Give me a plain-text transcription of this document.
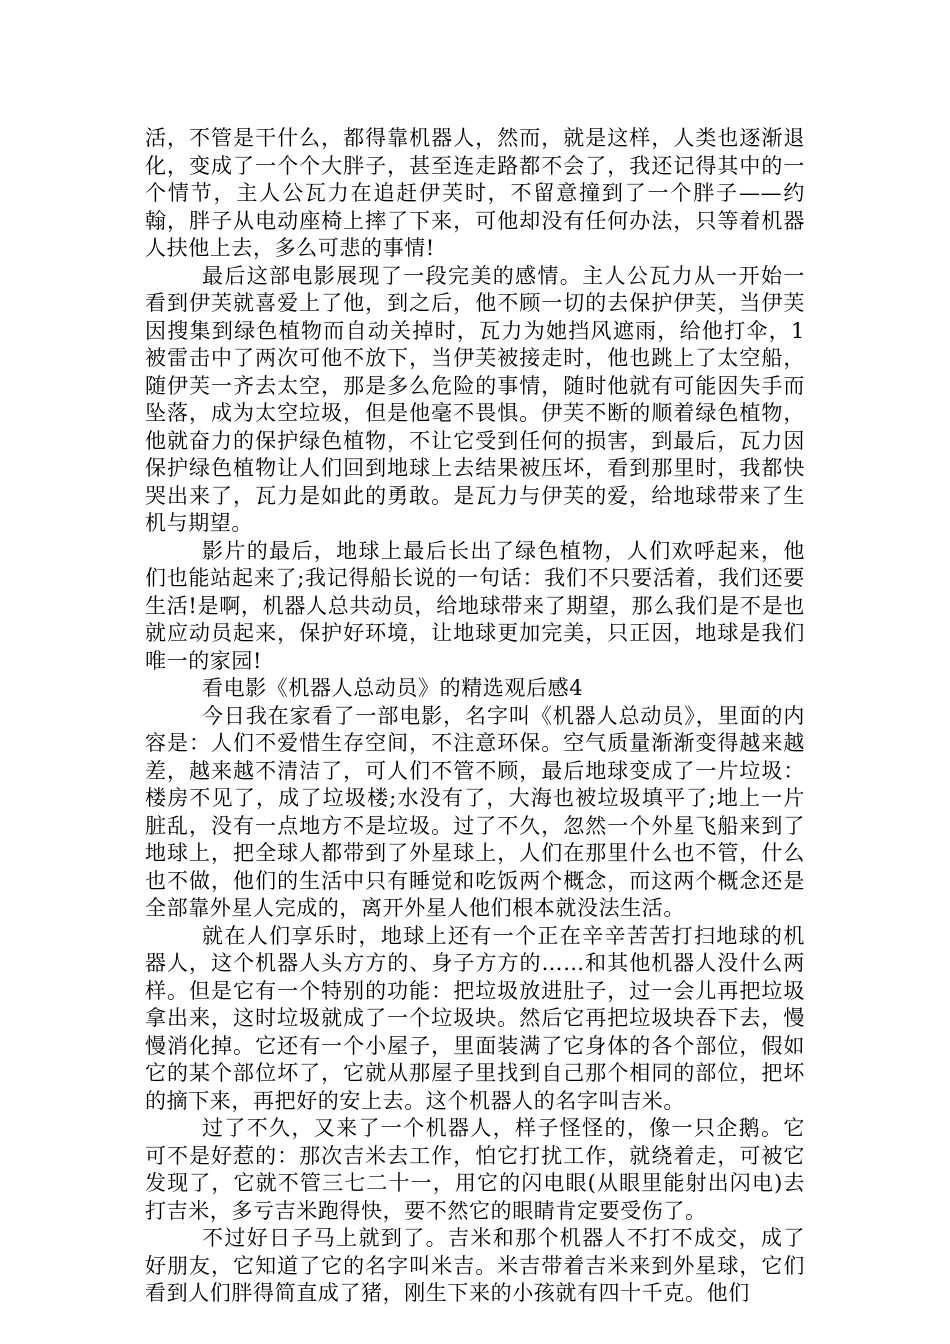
活，不管是干什么，都得靠机器人，然而，就是这样，人类也逐渐退化，变成了一个个大胖子，甚至连走路都不会了，我还记得其中的一个情节，主人公瓦力在追赶伊芙时，不留意撞到了一个胖子——约翰，胖子从电动座椅上摔了下来，可他却没有任何办法，只等着机器人扶他上去，多么可悲的事情!

最后这部电影展现了一段完美的感情。主人公瓦力从一开始一看到伊芙就喜爱上了他，到之后，他不顾一切的去保护伊芙，当伊芙因搜集到绿色植物而自动关掉时，瓦力为她挡风遮雨，给他打伞，1被雷击中了两次可他不放下，当伊芙被接走时，他也跳上了太空船，随伊芙一齐去太空，那是多么危险的事情，随时他就有可能因失手而坠落，成为太空垃圾，但是他毫不畏惧。伊芙不断的顺着绿色植物，他就奋力的保护绿色植物，不让它受到任何的损害，到最后，瓦力因保护绿色植物让人们回到地球上去结果被压坏，看到那里时，我都快哭出来了，瓦力是如此的勇敢。是瓦力与伊芙的爱，给地球带来了生机与期望。

影片的最后，地球上最后长出了绿色植物，人们欢呼起来，他们也能站起来了;我记得船长说的一句话：我们不只要活着，我们还要生活!是啊，机器人总共动员，给地球带来了期望，那么我们是不是也就应动员起来，保护好环境，让地球更加完美，只正因，地球是我们唯一的家园!

看电影《机器人总动员》的精选观后感4

今日我在家看了一部电影，名字叫《机器人总动员》，里面的内容是：人们不爱惜生存空间，不注意环保。空气质量渐渐变得越来越差，越来越不清洁了，可人们不管不顾，最后地球变成了一片垃圾：楼房不见了，成了垃圾楼;水没有了，大海也被垃圾填平了;地上一片脏乱，没有一点地方不是垃圾。过了不久，忽然一个外星飞船来到了地球上，把全球人都带到了外星球上，人们在那里什么也不管，什么也不做，他们的生活中只有睡觉和吃饭两个概念，而这两个概念还是全部靠外星人完成的，离开外星人他们根本就没法生活。

就在人们享乐时，地球上还有一个正在辛辛苦苦打扫地球的机器人，这个机器人头方方的、身子方方的……和其他机器人没什么两样。但是它有一个特别的功能：把垃圾放进肚子，过一会儿再把垃圾拿出来，这时垃圾就成了一个垃圾块。然后它再把垃圾块吞下去，慢慢消化掉。它还有一个小屋子，里面装满了它身体的各个部位，假如它的某个部位坏了，它就从那屋子里找到自己那个相同的部位，把坏的摘下来，再把好的安上去。这个机器人的名字叫吉米。

过了不久，又来了一个机器人，样子怪怪的，像一只企鹅。它可不是好惹的：那次吉米去工作，怕它打扰工作，就绕着走，可被它发现了，它就不管三七二十一，用它的闪电眼(从眼里能射出闪电)去打吉米，多亏吉米跑得快，要不然它的眼睛肯定要受伤了。

不过好日子马上就到了。吉米和那个机器人不打不成交，成了好朋友，它知道了它的名字叫米吉。米吉带着吉米来到外星球，它们看到人们胖得简直成了猪，刚生下来的小孩就有四十千克。他们
